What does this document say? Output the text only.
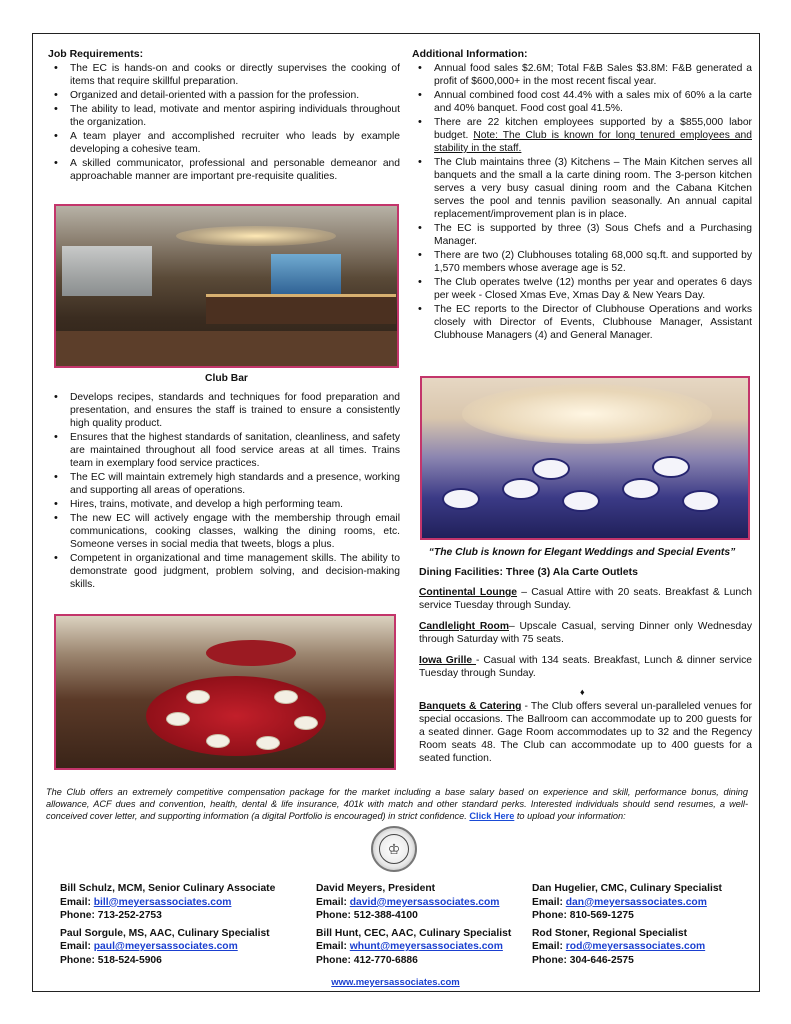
Job Requirements:
• The EC is hands-on and cooks or directly supervises the cooking of items that require skillful preparation.
• Organized and detail-oriented with a passion for the profession.
• The ability to lead, motivate and mentor aspiring individuals throughout the organization.
• A team player and accomplished recruiter who leads by example developing a cohesive team.
• A skilled communicator, professional and personable demeanor and approachable manner are important pre-requisite qualities.
Club Bar
• Develops recipes, standards and techniques for food preparation and presentation, and ensures the staff is trained to ensure a consistently high quality product.
• Ensures that the highest standards of sanitation, cleanliness, and safety are maintained throughout all food service areas at all times. Trains team in exemplary food service practices.
• The EC will maintain extremely high standards and a presence, working and supporting all areas of operations.
• Hires, trains, motivate, and develop a high performing team.
• The new EC will actively engage with the membership through email communications, cooking classes, walking the dining rooms, etc. Someone verses in social media that tweets, blogs a plus.
• Competent in organizational and time management skills. The ability to demonstrate good judgment, problem solving, and decision-making skills.
Additional Information:
• Annual food sales $2.6M; Total F&B Sales $3.8M: F&B generated a profit of $600,000+ in the most recent fiscal year.
• Annual combined food cost 44.4% with a sales mix of 60% a la carte and 40% banquet. Food cost goal 41.5%.
• There are 22 kitchen employees supported by a $855,000 labor budget. Note: The Club is known for long tenured employees and stability in the staff.
• The Club maintains three (3) Kitchens – The Main Kitchen serves all banquets and the small a la carte dining room. The 3-person kitchen serves a very busy casual dining room and the Cabana Kitchen serves the pool and tennis pavilion seasonally. An annual capital replacement/improvement plan is in place.
• The EC is supported by three (3) Sous Chefs and a Purchasing Manager.
• There are two (2) Clubhouses totaling 68,000 sq.ft. and supported by 1,570 members whose average age is 52.
• The Club operates twelve (12) months per year and operates 6 days per week - Closed Xmas Eve, Xmas Day & New Years Day.
• The EC reports to the Director of Clubhouse Operations and works closely with Director of Events, Clubhouse Manager, Assistant Clubhouse Managers (4) and General Manager.
“The Club is known for Elegant Weddings and Special Events”
Dining Facilities: Three (3) Ala Carte Outlets
Continental Lounge – Casual Attire with 20 seats. Breakfast & Lunch service Tuesday through Sunday.
Candlelight Room– Upscale Casual, serving Dinner only Wednesday through Saturday with 75 seats.
Iowa Grille - Casual with 134 seats. Breakfast, Lunch & dinner service Tuesday through Sunday.
♦
Banquets & Catering - The Club offers several un-paralleled venues for special occasions. The Ballroom can accommodate up to 200 guests for a seated dinner. Gage Room accommodates up to 32 and the Regency Room seats 48. The Club can accommodate up to 400 guests for a seated function.
The Club offers an extremely competitive compensation package for the market including a base salary based on experience and skill, performance bonus, dining allowance, ACF dues and convention, health, dental & life insurance, 401k with match and other standard perks. Interested individuals should send resumes, a well-conceived cover letter, and supporting information (a digital Portfolio is encouraged) in strict confidence. Click Here to upload your information:
♔
Bill Schulz, MCM, Senior Culinary Associate
Email: bill@meyersassociates.com
Phone: 713-252-2753
Paul Sorgule, MS, AAC, Culinary Specialist
Email: paul@meyersassociates.com
Phone: 518-524-5906
David Meyers, President
Email: david@meyersassociates.com
Phone: 512-388-4100
Bill Hunt, CEC, AAC, Culinary Specialist
Email: whunt@meyersassociates.com
Phone: 412-770-6886
Dan Hugelier, CMC, Culinary Specialist
Email: dan@meyersassociates.com
Phone: 810-569-1275
Rod Stoner, Regional Specialist
Email: rod@meyersassociates.com
Phone: 304-646-2575
www.meyersassociates.com
